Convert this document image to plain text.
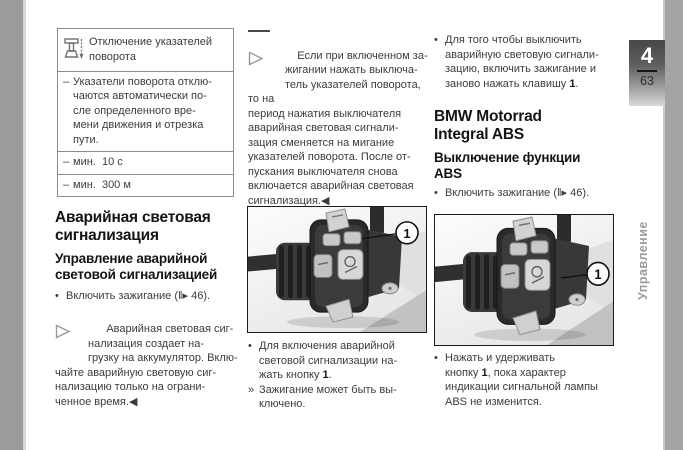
Отключение указателей
поворота
– Указатели поворота отклю-
чаются автоматически по-
сле определенного вре-
мени движения и отрезка
пути.
– мин.  10 с
– мин.  300 м
Аварийная световая
сигнализация
Управление аварийной
световой сигнализацией
• Включить зажигание (‖▸ 46).

Аварийная световая сиг-
нализация создает на-
грузку на аккумулятор. Вклю-
чайте аварийную световую сиг-
нализацию только на ограни-
ченное время.◀

Если при включенном за-
жигании нажать выключа-
тель указателей поворота, то на
период нажатия выключателя
аварийная световая сигнали-
зация сменяется на мигание
указателей поворота. После от-
пускания выключателя снова
включается аварийная световая
сигнализация.◀

1
• Для включения аварийной
световой сигнализации на-
жать кнопку 1.
» Зажигание может быть вы-
ключено.
• Для того чтобы выключить
аварийную световую сигнали-
зацию, включить зажигание и
заново нажать клавишу 1.
BMW Motorrad
Integral ABS
Выключение функции
ABS
• Включить зажигание (‖▸ 46).
1
• Нажать и удерживать
кнопку 1, пока характер
индикации сигнальной лампы
ABS не изменится.
4
63
Управление
